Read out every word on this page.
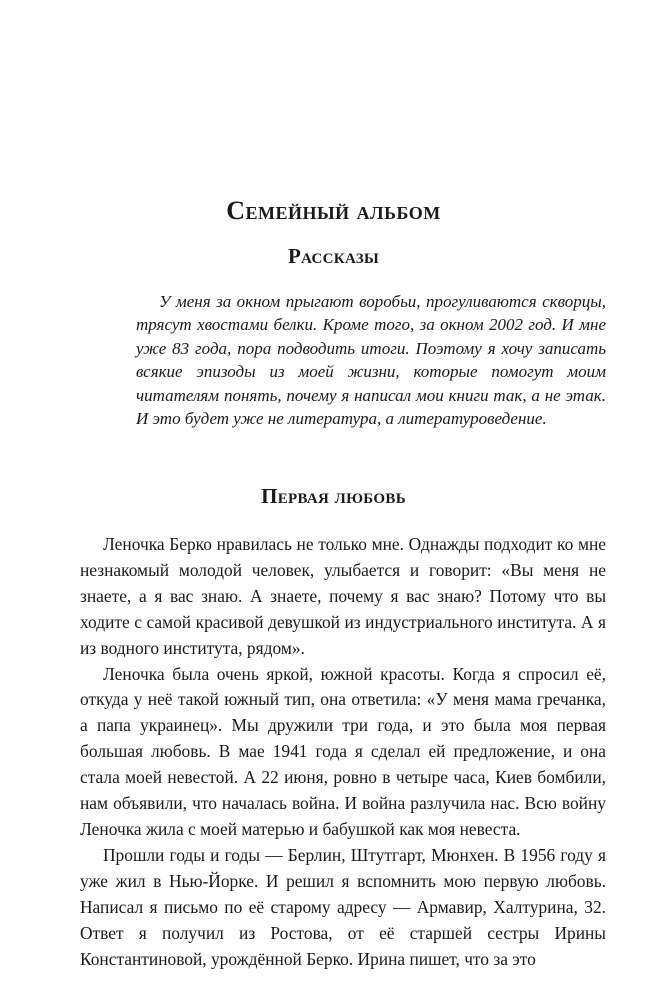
Семейный альбом
Рассказы

У меня за окном прыгают воробьи, прогуливаются скворцы, трясут хвостами белки. Кроме того, за окном 2002 год. И мне уже 83 года, пора подводить итоги. Поэтому я хочу записать всякие эпизоды из моей жизни, которые помогут моим читателям понять, почему я написал мои книги так, а не этак. И это будет уже не литература, а литературоведение.

Первая любовь

Леночка Берко нравилась не только мне. Однажды подходит ко мне незнакомый молодой человек, улыбается и говорит: «Вы меня не знаете, а я вас знаю. А знаете, почему я вас знаю? Потому что вы ходите с самой красивой девушкой из индустриального института. А я из водного института, рядом».

Леночка была очень яркой, южной красоты. Когда я спросил её, откуда у неё такой южный тип, она ответила: «У меня мама гречанка, а папа украинец». Мы дружили три года, и это была моя первая большая любовь. В мае 1941 года я сделал ей предложение, и она стала моей невестой. А 22 июня, ровно в четыре часа, Киев бомбили, нам объявили, что началась война. И война разлучила нас. Всю войну Леночка жила с моей матерью и бабушкой как моя невеста.

Прошли годы и годы — Берлин, Штутгарт, Мюнхен. В 1956 году я уже жил в Нью-Йорке. И решил я вспомнить мою первую любовь. Написал я письмо по её старому адресу — Армавир, Халтурина, 32. Ответ я получил из Ростова, от её старшей сестры Ирины Константиновой, урождённой Берко. Ирина пишет, что за это
